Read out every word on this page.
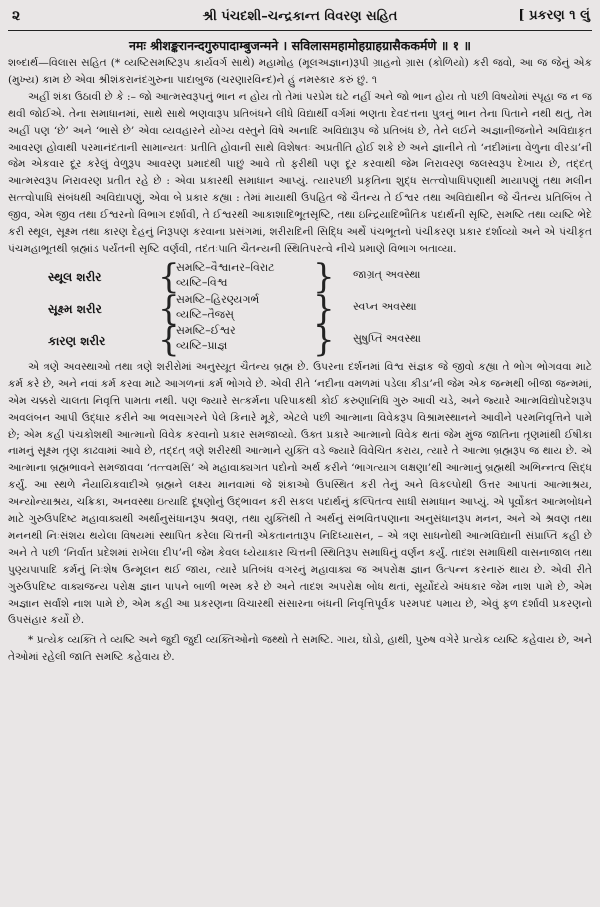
૨	શ્રી પંચદશી–ચન્દ્રકાન્ત વિવરણ સહિત	[ પ્રકરણ ૧ લું
नमः श्रीशङ्करानन्दगुरुपादाम्बुजन्मने । सविलासमहामोहग्राहग्रासैककर्मणे ॥ १ ॥

શબ્દાર્થ—વિલાસ સહિત (* વ્યષ્ટિસમષ્ટિરૂપ કાર્યવર્ગ સાથે) મહામોહ (મૂલઅજ્ઞાન)રૂપી ગ્રાહનો ગ્રાસ (કોળિયો) કરી જવો, આ જ જેનું એક (મુખ્ય) કામ છે એવા શ્રીશંકરાનંદગુરુના પાદાબુજ (ચરણારવિન્દ)ને હું નમસ્કાર કરું છું. ૧

અહીં શંકા ઉઠાવી છે કે :– જો આત્મસ્વરૂપનું ભાન ન હોય તો તેમાં પરપ્રેમ ઘટે નહીં અને જો ભાન હોય તો પછી વિષયોમાં સ્પૃહા જ ન જ થવી જોઈએ. તેના સમાધાનમાં, સાથે સાથે ભણવારૂપ પ્રતિબંધને લીધે વિદ્યાર્થી વર્ગમાં ભણતા દેવદત્તના પુત્રનું ભાન તેના પિતાને નથી થતું, તેમ અહીં પણ ‘છે’ અને ‘ભાસે છે’ એવા વ્યવહારને યોગ્ય વસ્તુને વિષે અનાદિ અવિદ્યારૂપ જે પ્રતિબંધ છે, તેને લઈને અજ્ઞાનીજનોને અવિદ્યાકૃત આવરણ હોવાથી પરમાનંદતાની સામાન્યતઃ પ્રતીતિ હોવાની સાથે વિશેષતઃ અપ્રતીતિ હોઈ શકે છે અને જ્ઞાનીને તો ‘નદીમાંના વેળુના વીરડા’ની જેમ એકવાર દૂર કરેલું વેળુરૂપ આવરણ પ્રમાદથી પાછું આવે તો ફરીથી પણ દૂર કરવાથી જેમ નિરાવરણ જલસ્વરૂપ દેખાય છે, તદ્દત્ આત્મસ્વરૂપ નિરાવરણ પ્રતીત રહે છે : એવા પ્રકારથી સમાધાન આપ્યું. ત્યારપછી પ્રકૃતિના શુદ્ધ સત્ત્વોપાધિપણાથી માયાપણું તથા મલીન સત્ત્વોપાધિ સંબંધથી અવિદ્યાપણું, એવા બે પ્રકાર કહ્યા : તેમાં માયાથી ઉપહિત જે ચૈતન્ય તે ઈશ્વર તથા અવિદ્યાથીન જે ચૈતન્ય પ્રતિબિંબ તે જીવ, એમ જીવ તથા ઈશ્વરનો વિભાગ દર્શાવી, તે ઈશ્વરથી આકાશાદિભૂતસૃષ્ટિ, તથા ઇન્દ્રિયાદિભૌતિક પદાર્થની સૃષ્ટિ, સમષ્ટિ તથા વ્યષ્ટિ ભેદે કરી સ્થૂલ, સૂક્ષ્મ તથા કારણ દેહનું નિરૂપણ કરવાના પ્રસંગમાં, શરીરાદિની સિદ્ધિ અર્થે પંચભૂતનો પંચીકરણ પ્રકાર દર્શાવ્યો અને એ પંચીકૃત પંચમહાભૂતથી બ્રહ્માંડ પર્યંતની સૃષ્ટિ વર્ણવી, તદંતઃપાતિ ચૈતન્યની સ્થિતિપરત્વે નીચે પ્રમાણે વિભાગ બતાવ્યા.

સ્થૂલ શરીર {
સમષ્ટિ–વૈશ્વાનર–વિરાટ
વ્યષ્ટિ–વિશ્વ	} જાગ્રત્ અવસ્થા
સૂક્ષ્મ શરીર {
સમષ્ટિ–હિરણ્યગર્ભ
વ્યષ્ટિ–તૈજસ્ } સ્વપ્ન અવસ્થા
કારણ શરીર {
સમષ્ટિ–ઈશ્વર
વ્યષ્ટિ–પ્રાજ્ઞ	} સુષુપ્તિ અવસ્થા

એ ત્રણે અવસ્થાઓ તથા ત્રણે શરીરોમાં અનુસ્યૂત ચૈતન્ય બ્રહ્મ છે. ઉપરના દર્શનમાં વિશ્વ સંજ્ઞક જે જીવો કહ્યા તે ભોગ ભોગવવા માટે કર્મ કરે છે, અને નવાં કર્મ કરવા માટે આગળનાં કર્મ ભોગવે છે. એવી રીતે ‘નદીના વમળમાં પડેલા કીડા’ની જેમ એક જન્મથી બીજા જન્મમાં, એમ ચક્કરો ચાલતા નિવૃત્તિ પામતા નથી. પણ જ્યારે સત્કર્મના પરિપાકથી કોઈ કરુણાનિધિ ગુરુ આવી ચડે, અને જ્યારે આત્મવિદ્યોપદેશરૂપ અવલંબન આપી ઉદ્ધાર કરીને આ ભવસાગરને પેલે કિનારે મૂકે, એટલે પછી આત્માના વિવેકરૂપ વિશ્રામસ્થાનને આવીને પરમનિવૃત્તિને પામે છે; એમ કહી પંચકોશથી આત્માનો વિવેક કરવાનો પ્રકાર સમજાવ્યો. ઉક્ત પ્રકારે આત્માનો વિવેક થતાં જેમ મુંજ જાતિના તૃણમાંથી ઈષીકા નામનું સૂક્ષ્મ તૃણ કાઢવામાં આવે છે, તદ્દત્ ત્રણે શરીરથી આત્માને યુક્તિ વડે જ્યારે વિવેચિત કરાય, ત્યારે તે આત્મા બ્રહ્મરૂપ જ થાય છે. એ આત્માના બ્રહ્મભાવને સમજાવવા ‘તત્ત્વમસિ’ એ મહાવાક્યગત પદોનો અર્થ કરીને ‘ભાગત્યાગ લક્ષણા’થી આત્માનું બ્રહ્મથી અભિન્નત્વ સિદ્ધ કર્યું. આ સ્થળે નૈયાયિકવાદીએ બ્રહ્મને લક્ષ્ય માનવામાં જે શંકાઓ ઉપસ્થિત કરી તેનું અને વિકલ્પોથી ઉત્તર આપતાં આત્માશ્રય, અન્યોન્યાશ્રય, ચક્રિકા, અનવસ્થા ઇત્યાદિ દૂષણોનું ઉદ્ભાવન કરી સકલ પદાર્થનું કલ્પિતત્વ સાધી સમાધાન આપ્યું. એ પૂર્વોક્ત આત્મબોધને માટે ગુરુઉપદિષ્ટ મહાવાક્યથી અર્થાનુસંધાનરૂપ શ્રવણ, તથા યુક્તિથી તે અર્થનું સંભવિતપણાના અનુસંધાનરૂપ મનન, અને એ શ્રવણ તથા મનનથી નિઃસંશય થયેલા વિષયમાં સ્થાપિત કરેલા ચિત્તની એકતાનતારૂપ નિદિધ્યાસન, – એ ત્રણ સાધનોથી આત્મવિદ્યાની સંપ્રાપ્તિ કહી છે અને તે પછી ‘નિર્વાત પ્રદેશમાં રાખેલા દીપ’ની જેમ કેવલ ધ્યેયાકાર ચિત્તની સ્થિતિરૂપ સમાધિનું વર્ણન કર્યું. તાદશ સમાધિથી વાસનાજાલ તથા પુણ્યપાપાદિ કર્મનું નિઃશેષ ઉન્મૂલન થઈ જાય, ત્યારે પ્રતિબંધ વગરનું મહાવાક્ય જ અપરોક્ષ જ્ઞાન ઉત્પન્ન કરનારું થાય છે. એવી રીતે ગુરુઉપદિષ્ટ વાક્યજન્ય પરોક્ષ જ્ઞાન પાપને બાળી ભસ્મ કરે છે અને તાદશ અપરોક્ષ બોધ થતાં, સૂર્યોદયે અંધકાર જેમ નાશ પામે છે, એમ અજ્ઞાન સર્વાંશે નાશ પામે છે, એમ કહી આ પ્રકરણના વિચારથી સંસારના બંધની નિવૃત્તિપૂર્વક પરમપદ પમાય છે, એવું ફળ દર્શાવી પ્રકરણનો ઉપસંહાર કર્યો છે.

* પ્રત્યેક વ્યક્તિ તે વ્યષ્ટિ અને જુદી જુદી વ્યક્તિઓનો જથ્થો તે સમષ્ટિ. ગાય, ઘોડો, હાથી, પુરુષ વગેરે પ્રત્યેક વ્યષ્ટિ કહેવાય છે, અને તેઓમાં રહેલી જાતિ સમષ્ટિ કહેવાય છે.
